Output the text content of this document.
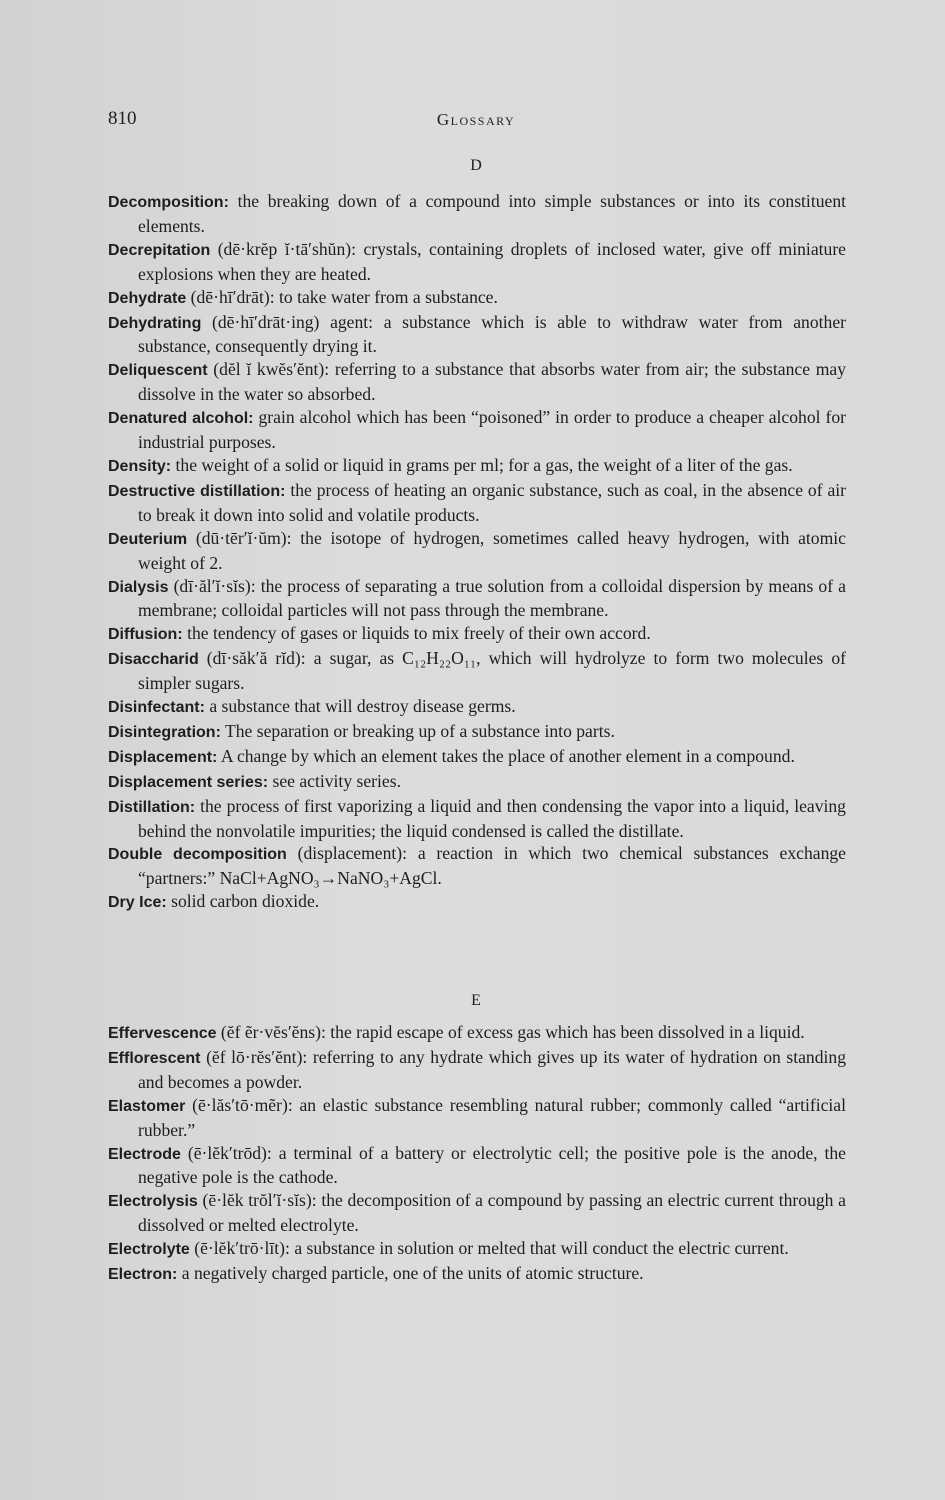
810	Glossary
D
Decomposition: the breaking down of a compound into simple substances or into its constituent elements.
Decrepitation (dē·krĕp ĭ·tā′shŭn): crystals, containing droplets of inclosed water, give off miniature explosions when they are heated.
Dehydrate (dē·hī′drāt): to take water from a substance.
Dehydrating (dē·hī′drāt·ing) agent: a substance which is able to withdraw water from another substance, consequently drying it.
Deliquescent (dĕl ĭ kwĕs′ĕnt): referring to a substance that absorbs water from air; the substance may dissolve in the water so absorbed.
Denatured alcohol: grain alcohol which has been “poisoned” in order to produce a cheaper alcohol for industrial purposes.
Density: the weight of a solid or liquid in grams per ml; for a gas, the weight of a liter of the gas.
Destructive distillation: the process of heating an organic substance, such as coal, in the absence of air to break it down into solid and volatile products.
Deuterium (dū·tēr′ĭ·ŭm): the isotope of hydrogen, sometimes called heavy hydrogen, with atomic weight of 2.
Dialysis (dī·ăl′ĭ·sĭs): the process of separating a true solution from a colloidal dispersion by means of a membrane; colloidal particles will not pass through the membrane.
Diffusion: the tendency of gases or liquids to mix freely of their own accord.
Disaccharid (dī·săk′ă rĭd): a sugar, as C₁₂H₂₂O₁₁, which will hydrolyze to form two molecules of simpler sugars.
Disinfectant: a substance that will destroy disease germs.
Disintegration: The separation or breaking up of a substance into parts.
Displacement: A change by which an element takes the place of another element in a compound.
Displacement series: see activity series.
Distillation: the process of first vaporizing a liquid and then condensing the vapor into a liquid, leaving behind the nonvolatile impurities; the liquid condensed is called the distillate.
Double decomposition (displacement): a reaction in which two chemical substances exchange “partners:” NaCl+AgNO₃→NaNO₃+AgCl.
Dry Ice: solid carbon dioxide.
E
Effervescence (ĕf ẽr·vĕs′ĕns): the rapid escape of excess gas which has been dissolved in a liquid.
Efflorescent (ĕf lō·rĕs′ĕnt): referring to any hydrate which gives up its water of hydration on standing and becomes a powder.
Elastomer (ē·lăs′tō·mẽr): an elastic substance resembling natural rubber; commonly called “artificial rubber.”
Electrode (ē·lĕk′trōd): a terminal of a battery or electrolytic cell; the positive pole is the anode, the negative pole is the cathode.
Electrolysis (ē·lĕk trŏl′ĭ·sĭs): the decomposition of a compound by passing an electric current through a dissolved or melted electrolyte.
Electrolyte (ē·lĕk′trō·līt): a substance in solution or melted that will conduct the electric current.
Electron: a negatively charged particle, one of the units of atomic structure.
